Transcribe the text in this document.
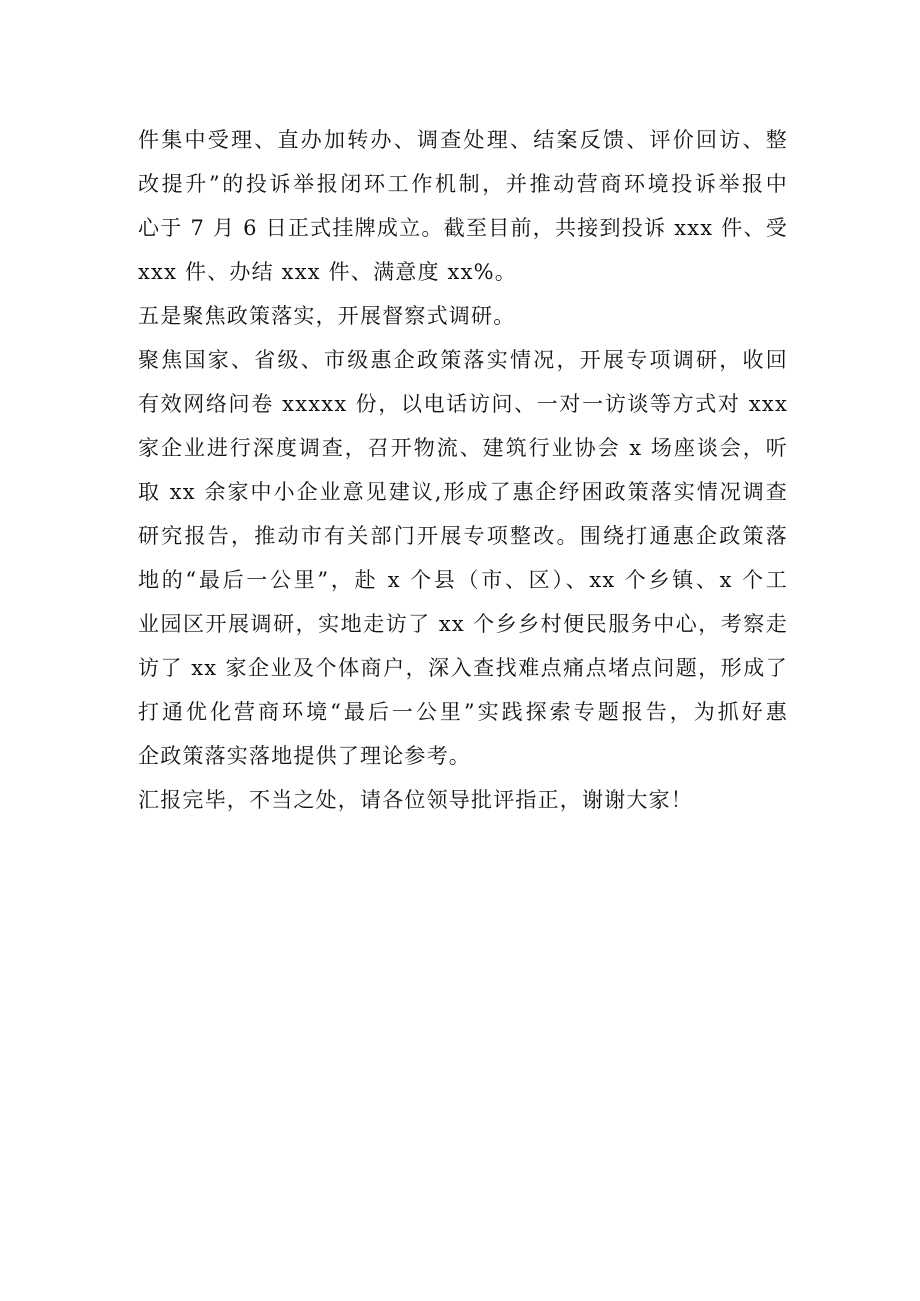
件集中受理、直办加转办、调查处理、结案反馈、评价回访、整
改提升”的投诉举报闭环工作机制，并推动营商环境投诉举报中
心于 7 月 6 日正式挂牌成立。截至目前，共接到投诉 xxx 件、受
xxx 件、办结 xxx 件、满意度 xx%。
五是聚焦政策落实，开展督察式调研。
聚焦国家、省级、市级惠企政策落实情况，开展专项调研，收回
有效网络问卷 xxxxx 份，以电话访问、一对一访谈等方式对 xxx
家企业进行深度调查，召开物流、建筑行业协会 x 场座谈会，听
取 xx 余家中小企业意见建议,形成了惠企纾困政策落实情况调查
研究报告，推动市有关部门开展专项整改。围绕打通惠企政策落
地的“最后一公里”，赴 x 个县（市、区）、xx 个乡镇、x 个工
业园区开展调研，实地走访了 xx 个乡乡村便民服务中心，考察走
访了 xx 家企业及个体商户，深入查找难点痛点堵点问题，形成了
打通优化营商环境“最后一公里”实践探索专题报告，为抓好惠
企政策落实落地提供了理论参考。
汇报完毕，不当之处，请各位领导批评指正，谢谢大家！
